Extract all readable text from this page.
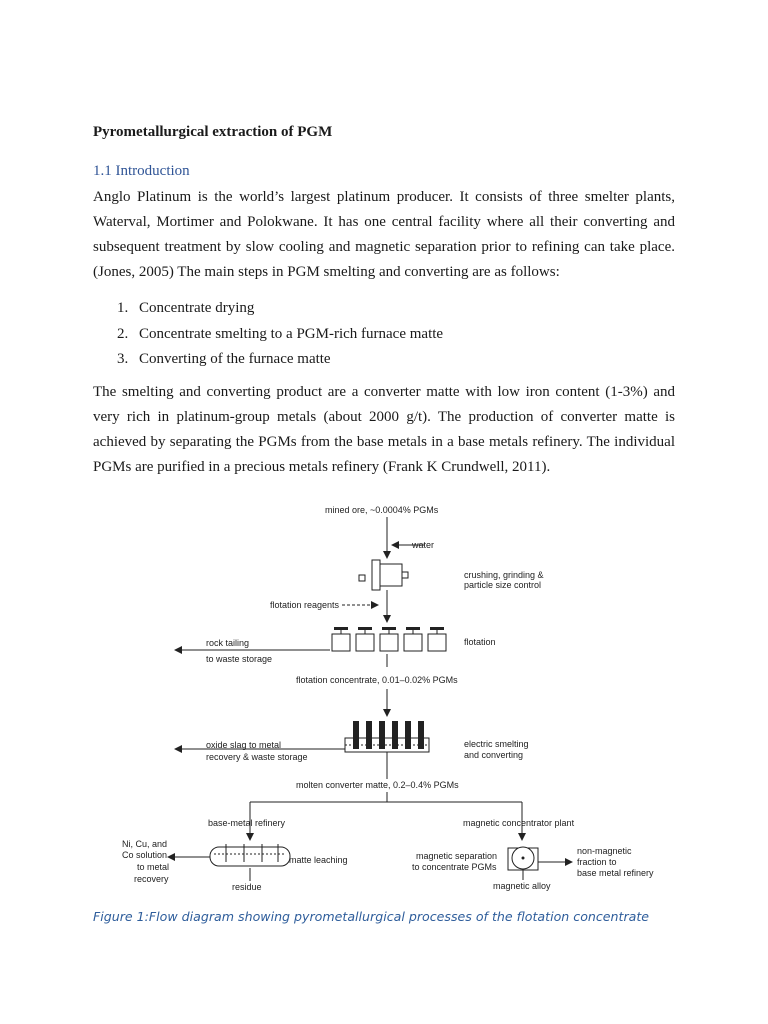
Pyrometallurgical extraction of PGM
1.1 Introduction

Anglo Platinum is the world’s largest platinum producer. It consists of three smelter plants, Waterval, Mortimer and Polokwane. It has one central facility where all their converting and subsequent treatment by slow cooling and magnetic separation prior to refining can take place. (Jones, 2005) The main steps in PGM smelting and converting are as follows:

1. Concentrate drying
2. Concentrate smelting to a PGM-rich furnace matte
3. Converting of the furnace matte

The smelting and converting product are a converter matte with low iron content (1-3%) and very rich in platinum-group metals (about 2000 g/t). The production of converter matte is achieved by separating the PGMs from the base metals in a base metals refinery. The individual PGMs are purified in a precious metals refinery (Frank K Crundwell, 2011).

mined ore, ~0.0004% PGMs
water
crushing, grinding &
particle size control
flotation reagents
flotation
rock tailing
to waste storage
flotation concentrate, 0.01–0.02% PGMs
electric smelting
and converting
oxide slag to metal
recovery & waste storage
molten converter matte, 0.2–0.4% PGMs
base-metal refinery	magnetic concentrator plant
matte leaching
Ni, Cu, and
Co solution
to metal
recovery
residue
magnetic separation
to concentrate PGMs
non-magnetic
fraction to
base metal refinery
magnetic alloy
Figure 1:Flow diagram showing pyrometallurgical processes of the flotation concentrate
